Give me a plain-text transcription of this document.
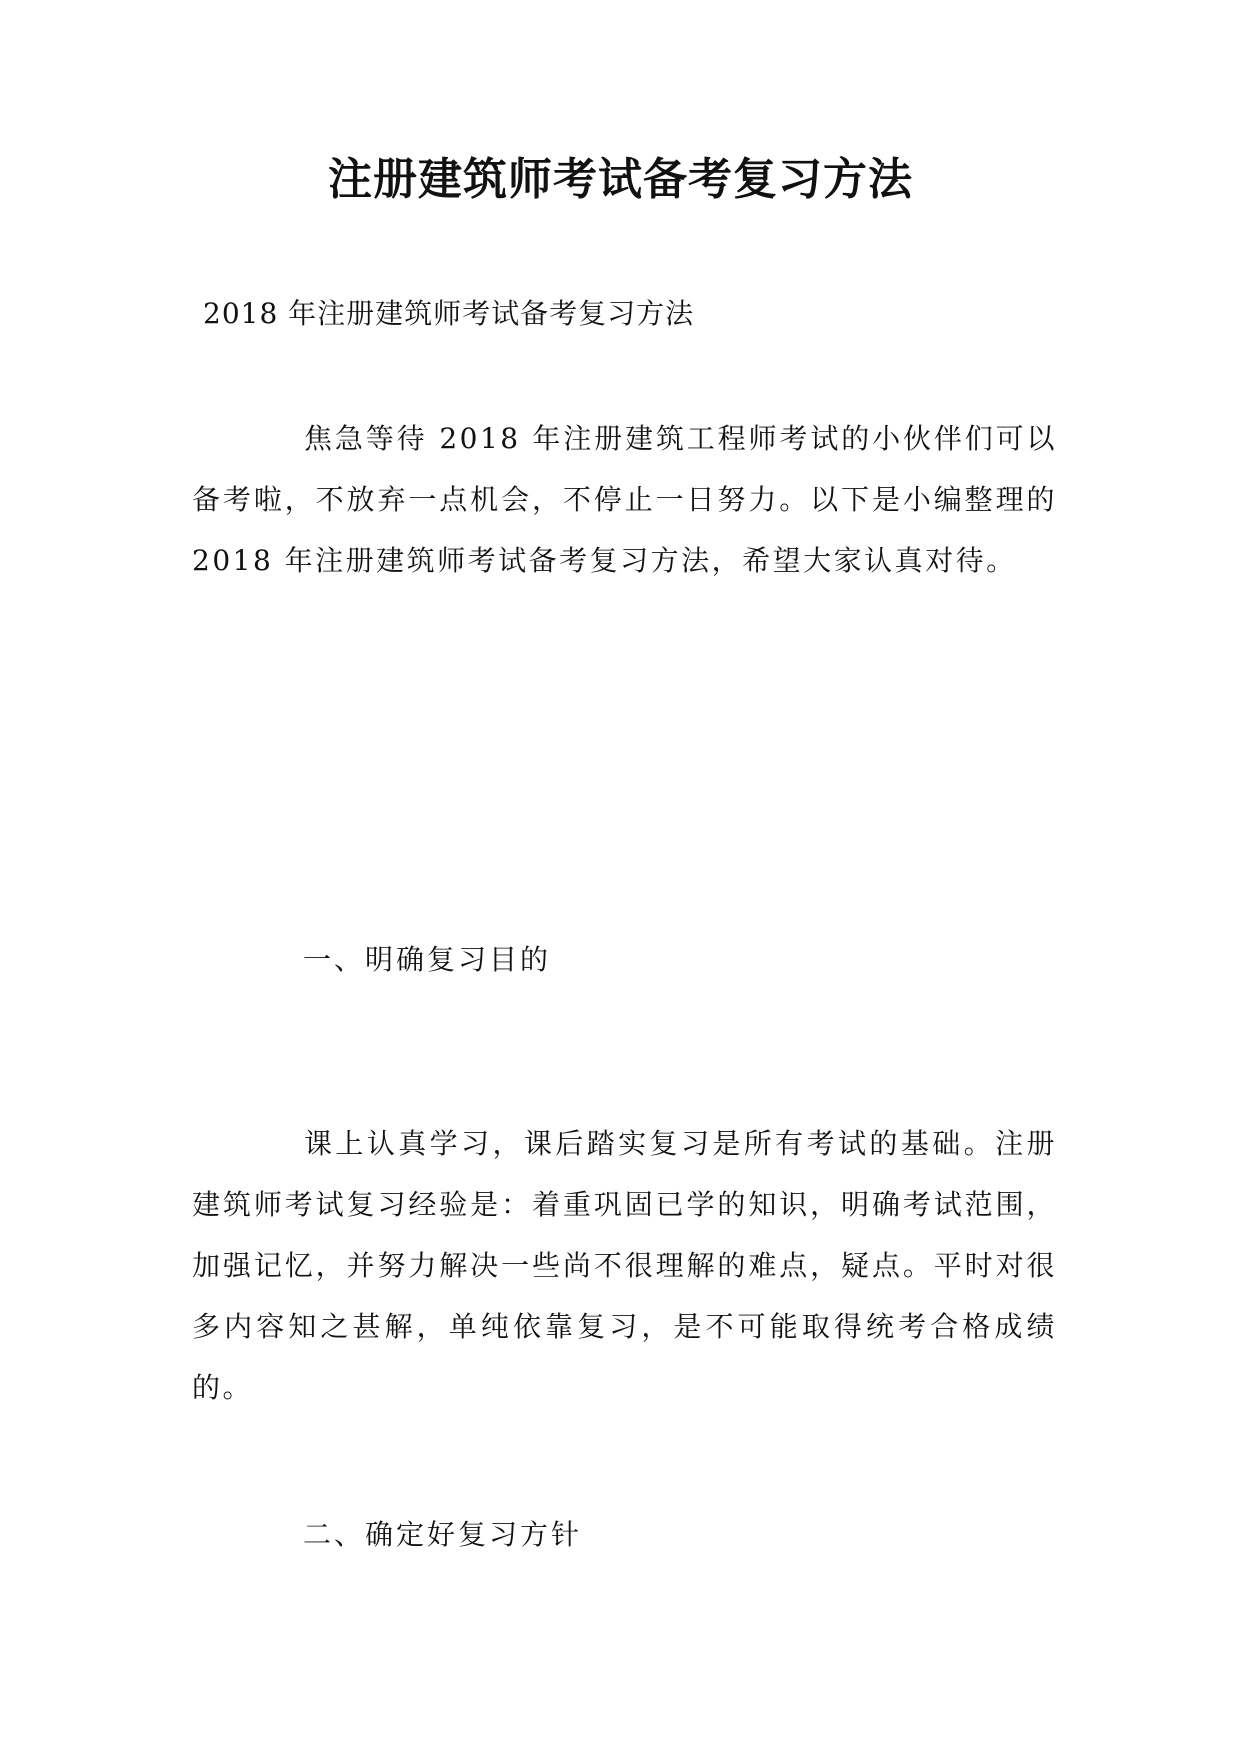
注册建筑师考试备考复习方法

2018 年注册建筑师考试备考复习方法

焦急等待 2018 年注册建筑工程师考试的小伙伴们可以备考啦，不放弃一点机会，不停止一日努力。以下是小编整理的 2018 年注册建筑师考试备考复习方法，希望大家认真对待。

一、明确复习目的

课上认真学习，课后踏实复习是所有考试的基础。注册建筑师考试复习经验是：着重巩固已学的知识，明确考试范围，加强记忆，并努力解决一些尚不很理解的难点，疑点。平时对很多内容知之甚解，单纯依靠复习，是不可能取得统考合格成绩的。

二、确定好复习方针
